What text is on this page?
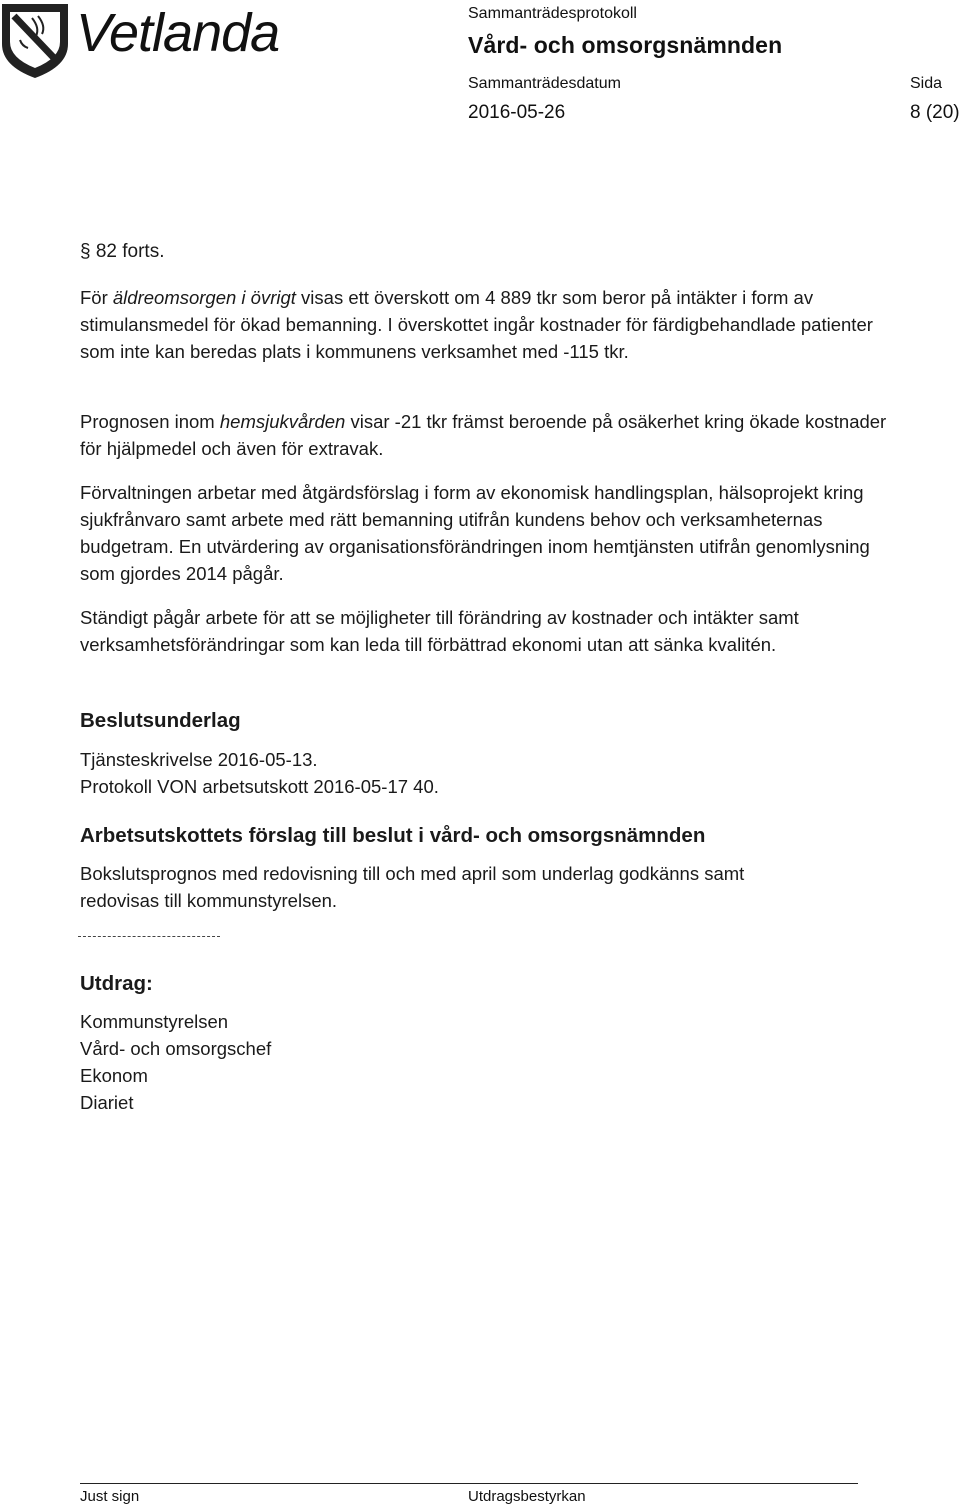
Vetlanda	Sammanträdesprotokoll
Vård- och omsorgsnämnden
Sammanträdesdatum	Sida
2016-05-26	8 (20)
§ 82 forts.

För äldreomsorgen i övrigt visas ett överskott om 4 889 tkr som beror på intäkter i form av stimulansmedel för ökad bemanning. I överskottet ingår kostnader för färdigbehandlade patienter som inte kan beredas plats i kommunens verksamhet med -115 tkr.

Prognosen inom hemsjukvården visar -21 tkr främst beroende på osäkerhet kring ökade kostnader för hjälpmedel och även för extravak.

Förvaltningen arbetar med åtgärdsförslag i form av ekonomisk handlingsplan, hälsoprojekt kring sjukfrånvaro samt arbete med rätt bemanning utifrån kundens behov och verksamheternas budgetram. En utvärdering av organisationsförändringen inom hemtjänsten utifrån genomlysning som gjordes 2014 pågår.

Ständigt pågår arbete för att se möjligheter till förändring av kostnader och intäkter samt verksamhetsförändringar som kan leda till förbättrad ekonomi utan att sänka kvalitén.

Beslutsunderlag

Tjänsteskrivelse 2016-05-13.

Protokoll VON arbetsutskott 2016-05-17 40.

Arbetsutskottets förslag till beslut i vård- och omsorgsnämnden

Bokslutsprognos med redovisning till och med april som underlag godkänns samt redovisas till kommunstyrelsen.

Utdrag:

Kommunstyrelsen

Vård- och omsorgschef

Ekonom

Diariet

Just sign	Utdragsbestyrkan
